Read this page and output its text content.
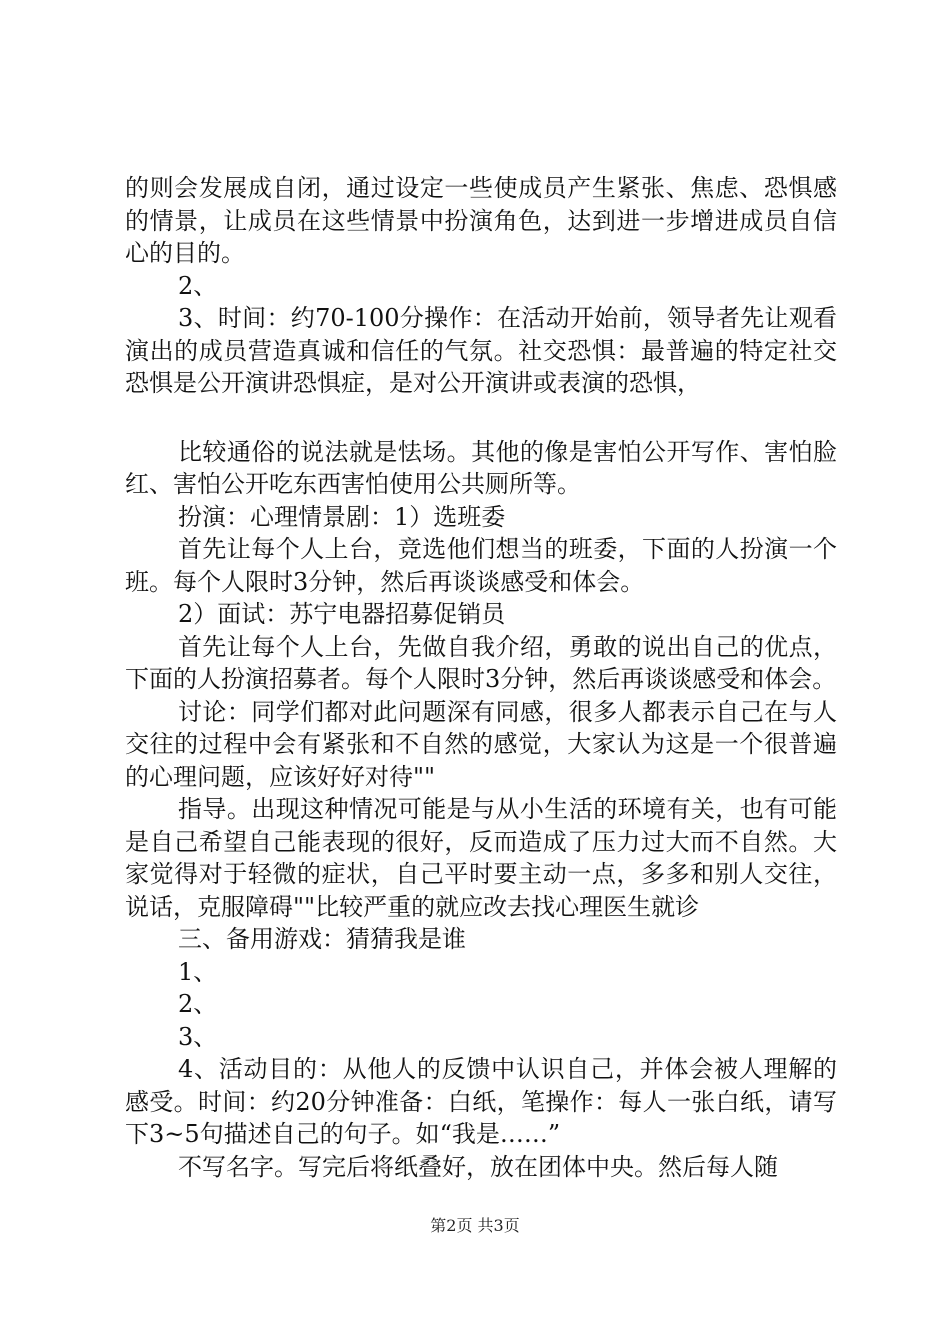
的则会发展成自闭，通过设定一些使成员产生紧张、焦虑、恐惧感的情景，让成员在这些情景中扮演角色，达到进一步增进成员自信心的目的。

2、

3、时间：约70-100分操作：在活动开始前，领导者先让观看演出的成员营造真诚和信任的气氛。社交恐惧：最普遍的特定社交恐惧是公开演讲恐惧症，是对公开演讲或表演的恐惧，

比较通俗的说法就是怯场。其他的像是害怕公开写作、害怕脸红、害怕公开吃东西害怕使用公共厕所等。

扮演：心理情景剧：1）选班委

首先让每个人上台，竞选他们想当的班委，下面的人扮演一个班。每个人限时3分钟，然后再谈谈感受和体会。

2）面试：苏宁电器招募促销员

首先让每个人上台，先做自我介绍，勇敢的说出自己的优点，下面的人扮演招募者。每个人限时3分钟，然后再谈谈感受和体会。

讨论：同学们都对此问题深有同感，很多人都表示自己在与人交往的过程中会有紧张和不自然的感觉，大家认为这是一个很普遍的心理问题，应该好好对待""

指导。出现这种情况可能是与从小生活的环境有关，也有可能是自己希望自己能表现的很好，反而造成了压力过大而不自然。大家觉得对于轻微的症状，自己平时要主动一点，多多和别人交往，说话，克服障碍""比较严重的就应改去找心理医生就诊

三、备用游戏：猜猜我是谁

1、

2、

3、

4、活动目的：从他人的反馈中认识自己，并体会被人理解的感受。时间：约20分钟准备：白纸，笔操作：每人一张白纸，请写下3~5句描述自己的句子。如“我是……”

不写名字。写完后将纸叠好，放在团体中央。然后每人随

第2页 共3页
